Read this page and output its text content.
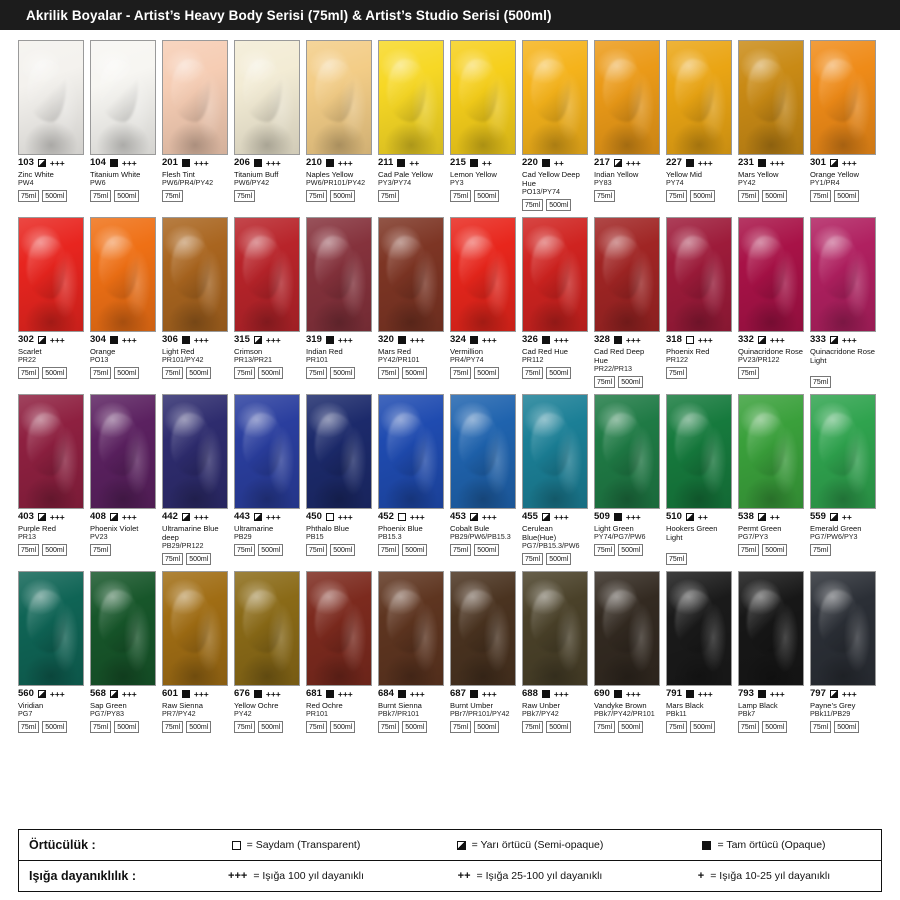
Akrilik Boyalar - Artist’s Heavy Body Serisi (75ml) & Artist’s Studio Serisi (500ml)
103 +++
Zinc White
PW4
75ml	500ml
104 +++
Titanium White
PW6
75ml	500ml
201 +++
Flesh Tint
PW6/PR4/PY42
75ml
206 +++
Titanium Buff
PW6/PY42
75ml
210 +++
Naples Yellow
PW6/PR101/PY42
75ml	500ml
211 ++
Cad Pale Yellow
PY3/PY74
75ml
215 ++
Lemon Yellow
PY3
75ml	500ml
220 ++
Cad Yellow Deep Hue
PO13/PY74
75ml	500ml
217 +++
Indian Yellow
PY83
75ml
227 +++
Yellow Mid
PY74
75ml	500ml
231 +++
Mars Yellow
PY42
75ml	500ml
301 +++
Orange Yellow
PY1/PR4
75ml	500ml
302 +++
Scarlet
PR22
75ml	500ml
304 +++
Orange
PO13
75ml	500ml
306 +++
Light Red
PR101/PY42
75ml	500ml
315 +++
Crimson
PR13/PR21
75ml	500ml
319 +++
Indian Red
PR101
75ml	500ml
320 +++
Mars Red
PY42/PR101
75ml	500ml
324 +++
Vermillion
PR4/PY74
75ml	500ml
326 +++
Cad Red Hue
PR112
75ml	500ml
328 +++
Cad Red Deep Hue
PR22/PR13
75ml	500ml
318 +++
Phoenix Red
PR122
75ml
332 +++
Quinacridone Rose
PV23/PR122
75ml
333 +++
Quinacridone Rose Light
75ml
403 +++
Purple Red
PR13
75ml	500ml
408 +++
Phoenix Violet
PV23
75ml
442 +++
Ultramarine Blue deep
PB29/PR122
75ml	500ml
443 +++
Ultramarine
PB29
75ml	500ml
450 +++
Phthalo Blue
PB15
75ml	500ml
452 +++
Phoenix Blue
PB15.3
75ml	500ml
453 +++
Cobalt Bule
PB29/PW6/PB15.3
75ml	500ml
455 +++
Cerulean Blue(Hue)
PG7/PB15.3/PW6
75ml	500ml
509 +++
Light Green
PY74/PG7/PW6
75ml	500ml
510 ++
Hookers Green Light
75ml
538 ++
Permt Green
PG7/PY3
75ml	500ml
559 ++
Emerald Green
PG7/PW6/PY3
75ml
560 +++
Viridian
PG7
75ml	500ml
568 +++
Sap Green
PG7/PY83
75ml	500ml
601 +++
Raw Sienna
PR7/PY42
75ml	500ml
676 +++
Yellow Ochre
PY42
75ml	500ml
681 +++
Red Ochre
PR101
75ml	500ml
684 +++
Burnt Sienna
PBk7/PR101
75ml	500ml
687 +++
Burnt Umber
PBr7/PR101/PY42
75ml	500ml
688 +++
Raw Unber
PBk7/PY42
75ml	500ml
690 +++
Vandyke Brown
PBk7/PY42/PR101
75ml	500ml
791 +++
Mars Black
PBk11
75ml	500ml
793 +++
Lamp Black
PBk7
75ml	500ml
797 +++
Payne’s Grey
PBk11/PB29
75ml	500ml
Örtücülük :	= Saydam (Transparent)	= Yarı örtücü (Semi-opaque)	= Tam örtücü (Opaque)
Işığa dayanıklılık :	+++ = Işığa 100 yıl dayanıklı	++ = Işığa 25-100 yıl dayanıklı	+ = Işığa 10-25 yıl dayanıklı
